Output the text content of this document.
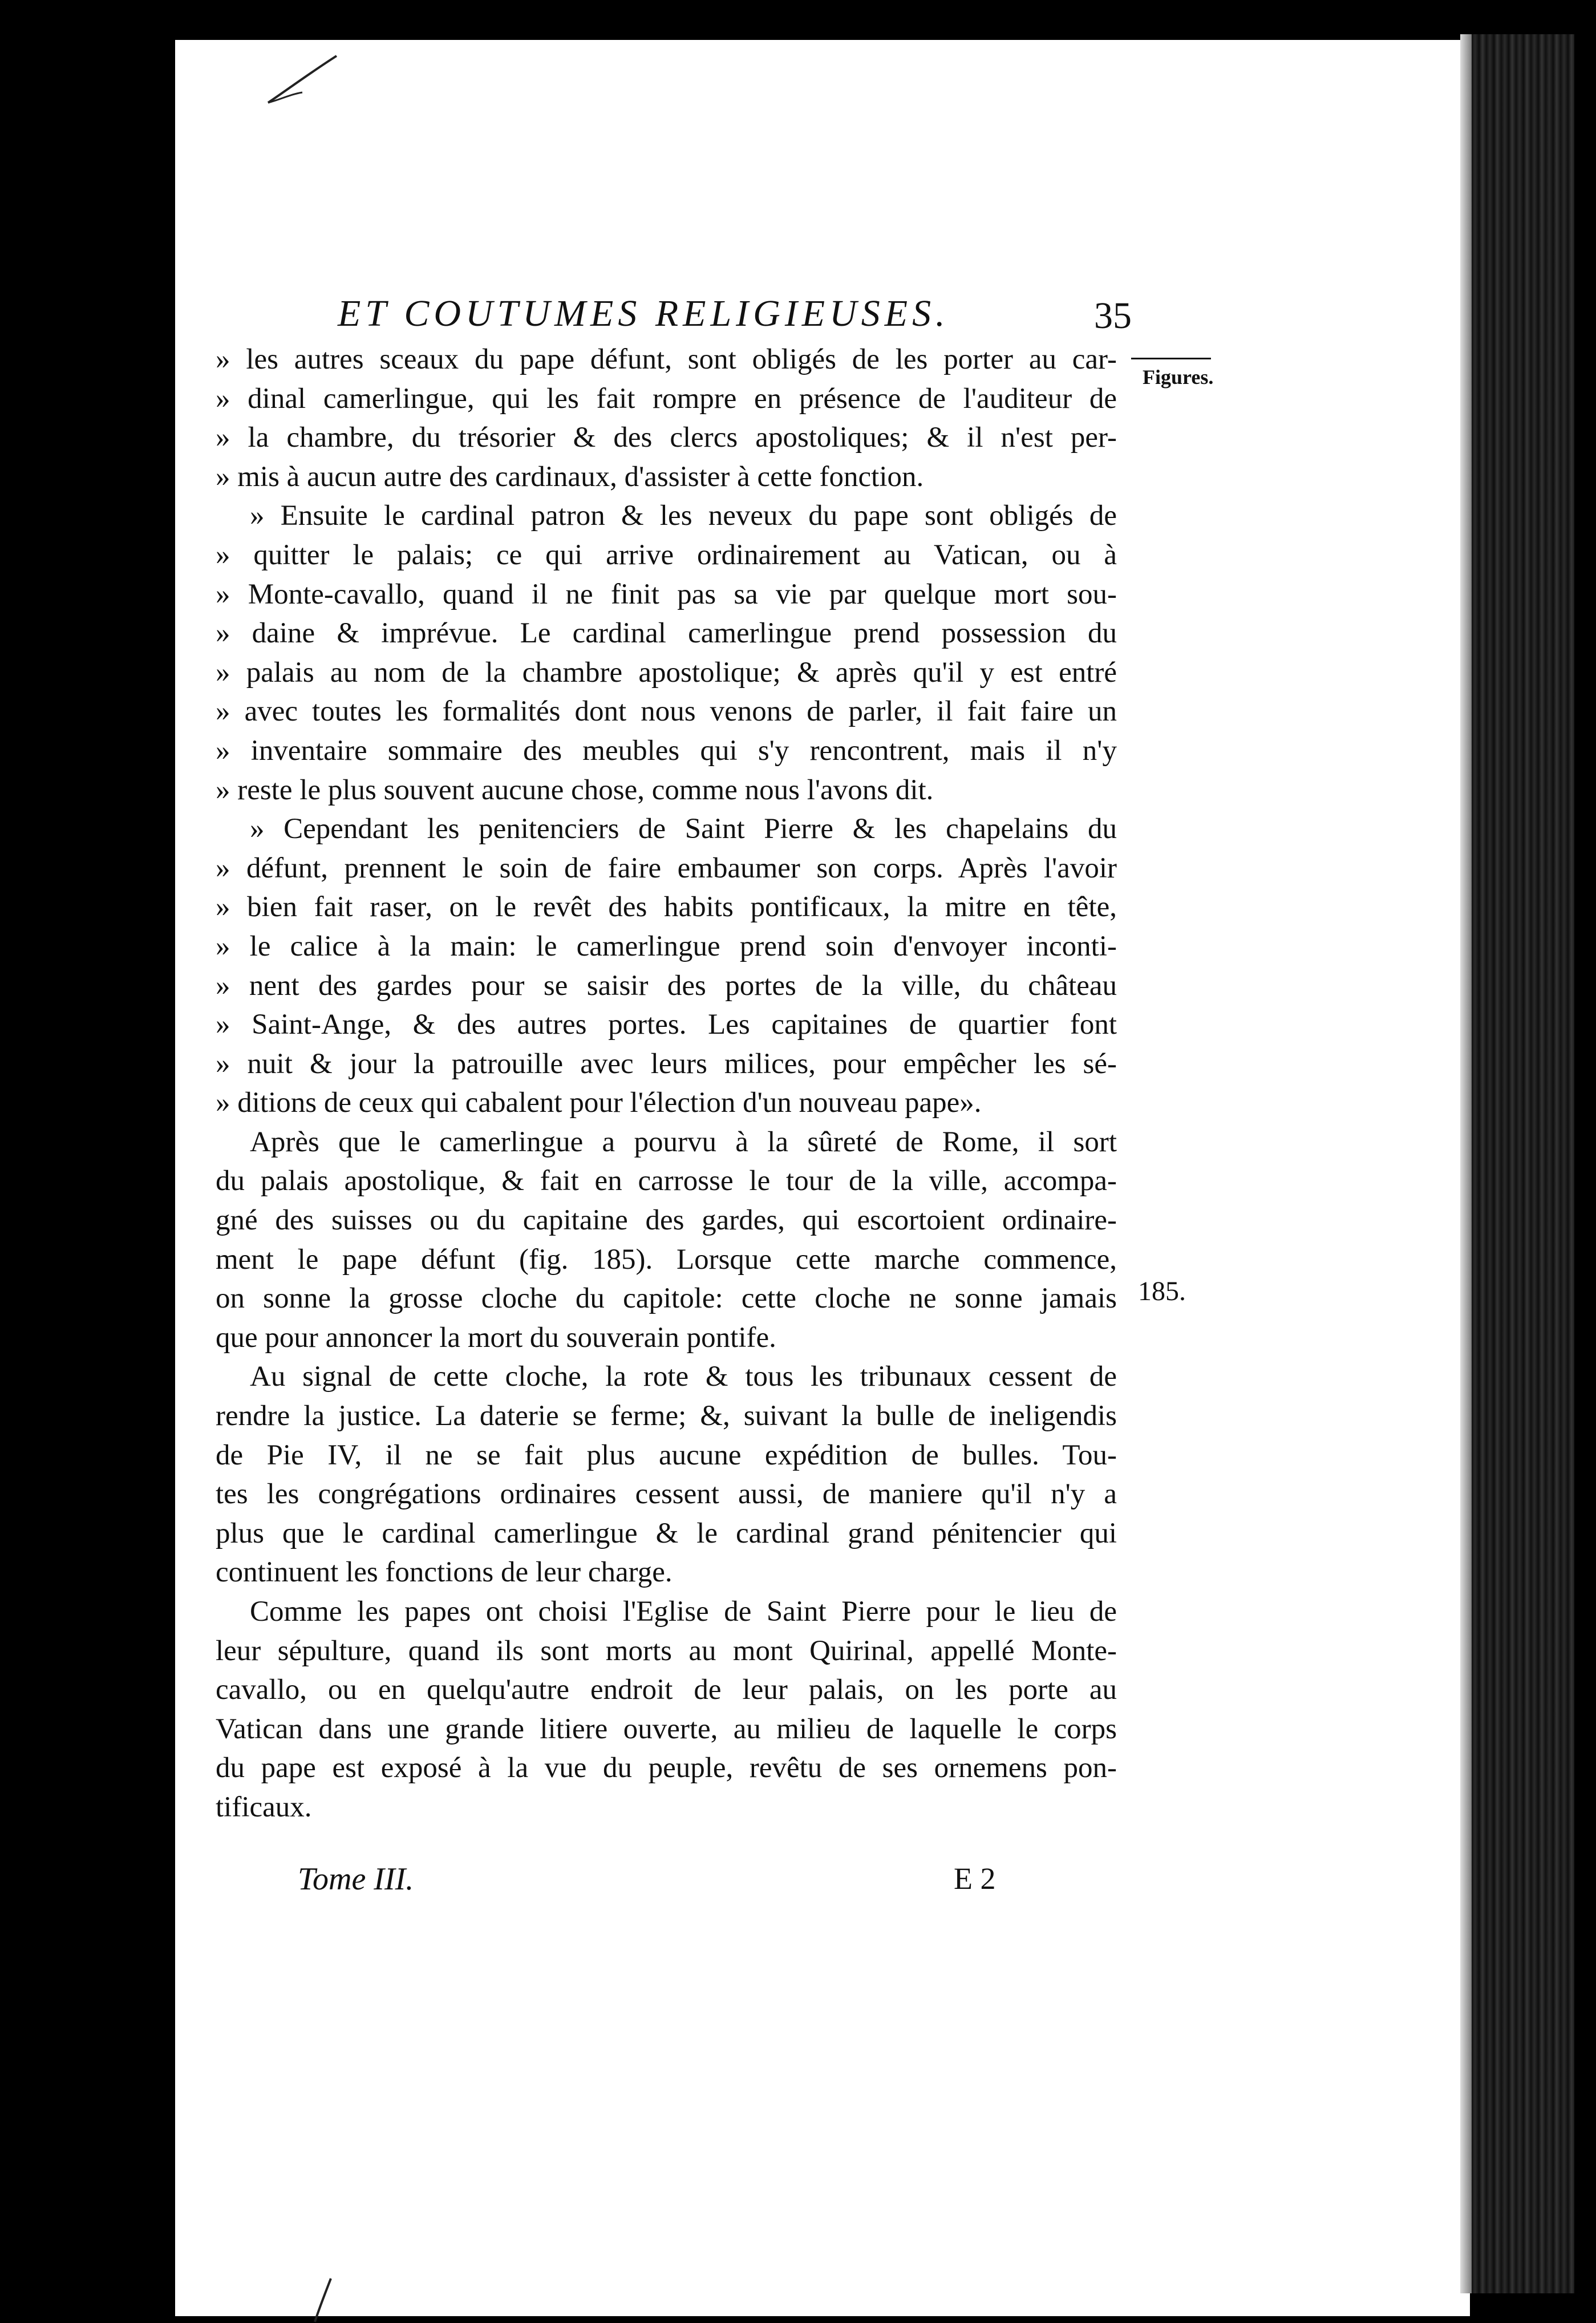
ET COUTUMES RELIGIEUSES.	35
Figures.
185.
» les autres sceaux du pape défunt, sont obligés de les porter au car-
» dinal camerlingue, qui les fait rompre en présence de l'auditeur de
» la chambre, du trésorier & des clercs apostoliques; & il n'est per-
» mis à aucun autre des cardinaux, d'assister à cette fonction.
» Ensuite le cardinal patron & les neveux du pape sont obligés de
» quitter le palais; ce qui arrive ordinairement au Vatican, ou à
» Monte-cavallo, quand il ne finit pas sa vie par quelque mort sou-
» daine & imprévue. Le cardinal camerlingue prend possession du
» palais au nom de la chambre apostolique; & après qu'il y est entré
» avec toutes les formalités dont nous venons de parler, il fait faire un
» inventaire sommaire des meubles qui s'y rencontrent, mais il n'y
» reste le plus souvent aucune chose, comme nous l'avons dit.
» Cependant les penitenciers de Saint Pierre & les chapelains du
» défunt, prennent le soin de faire embaumer son corps. Après l'avoir
» bien fait raser, on le revêt des habits pontificaux, la mitre en tête,
» le calice à la main: le camerlingue prend soin d'envoyer inconti-
» nent des gardes pour se saisir des portes de la ville, du château
» Saint-Ange, & des autres portes. Les capitaines de quartier font
» nuit & jour la patrouille avec leurs milices, pour empêcher les sé-
» ditions de ceux qui cabalent pour l'élection d'un nouveau pape».
Après que le camerlingue a pourvu à la sûreté de Rome, il sort
du palais apostolique, & fait en carrosse le tour de la ville, accompa-
gné des suisses ou du capitaine des gardes, qui escortoient ordinaire-
ment le pape défunt (fig. 185). Lorsque cette marche commence,
on sonne la grosse cloche du capitole: cette cloche ne sonne jamais
que pour annoncer la mort du souverain pontife.
Au signal de cette cloche, la rote & tous les tribunaux cessent de
rendre la justice. La daterie se ferme; &, suivant la bulle de ineligendis
de Pie IV, il ne se fait plus aucune expédition de bulles. Tou-
tes les congrégations ordinaires cessent aussi, de maniere qu'il n'y a
plus que le cardinal camerlingue & le cardinal grand pénitencier qui
continuent les fonctions de leur charge.
Comme les papes ont choisi l'Eglise de Saint Pierre pour le lieu de
leur sépulture, quand ils sont morts au mont Quirinal, appellé Monte-
cavallo, ou en quelqu'autre endroit de leur palais, on les porte au
Vatican dans une grande litiere ouverte, au milieu de laquelle le corps
du pape est exposé à la vue du peuple, revêtu de ses ornemens pon-
tificaux.
Tome III.	E 2
